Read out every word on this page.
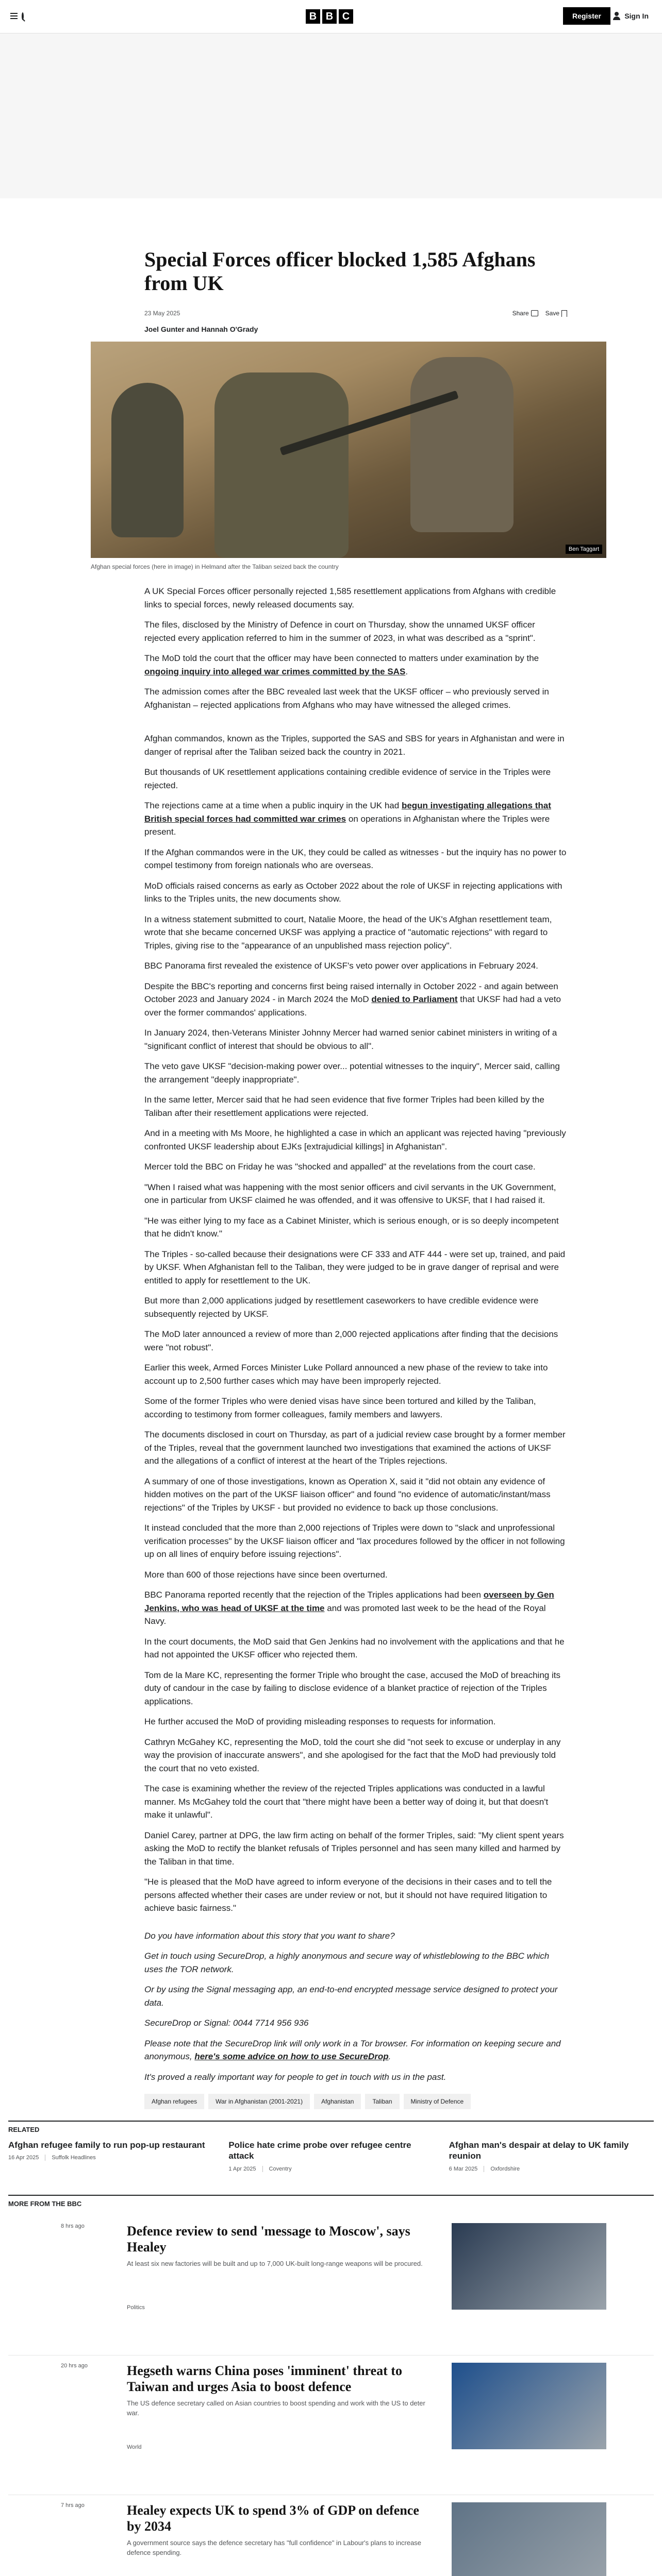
B B C	Register	Sign In
Special Forces officer blocked 1,585 Afghans from UK
23 May 2025	Share	Save
Joel Gunter and Hannah O'Grady
Ben Taggart
Afghan special forces (here in image) in Helmand after the Taliban seized back the country

A UK Special Forces officer personally rejected 1,585 resettlement applications from Afghans with credible links to special forces, newly released documents say.

The files, disclosed by the Ministry of Defence in court on Thursday, show the unnamed UKSF officer rejected every application referred to him in the summer of 2023, in what was described as a "sprint".

The MoD told the court that the officer may have been connected to matters under examination by the ongoing inquiry into alleged war crimes committed by the SAS.

The admission comes after the BBC revealed last week that the UKSF officer – who previously served in Afghanistan – rejected applications from Afghans who may have witnessed the alleged crimes.

Afghan commandos, known as the Triples, supported the SAS and SBS for years in Afghanistan and were in danger of reprisal after the Taliban seized back the country in 2021.

But thousands of UK resettlement applications containing credible evidence of service in the Triples were rejected.

The rejections came at a time when a public inquiry in the UK had begun investigating allegations that British special forces had committed war crimes on operations in Afghanistan where the Triples were present.

If the Afghan commandos were in the UK, they could be called as witnesses - but the inquiry has no power to compel testimony from foreign nationals who are overseas.

MoD officials raised concerns as early as October 2022 about the role of UKSF in rejecting applications with links to the Triples units, the new documents show.

In a witness statement submitted to court, Natalie Moore, the head of the UK's Afghan resettlement team, wrote that she became concerned UKSF was applying a practice of "automatic rejections" with regard to Triples, giving rise to the "appearance of an unpublished mass rejection policy".

BBC Panorama first revealed the existence of UKSF's veto power over applications in February 2024.

Despite the BBC's reporting and concerns first being raised internally in October 2022 - and again between October 2023 and January 2024 - in March 2024 the MoD denied to Parliament that UKSF had had a veto over the former commandos' applications.

In January 2024, then-Veterans Minister Johnny Mercer had warned senior cabinet ministers in writing of a "significant conflict of interest that should be obvious to all".

The veto gave UKSF "decision-making power over... potential witnesses to the inquiry", Mercer said, calling the arrangement "deeply inappropriate".

In the same letter, Mercer said that he had seen evidence that five former Triples had been killed by the Taliban after their resettlement applications were rejected.

And in a meeting with Ms Moore, he highlighted a case in which an applicant was rejected having "previously confronted UKSF leadership about EJKs [extrajudicial killings] in Afghanistan".

Mercer told the BBC on Friday he was "shocked and appalled" at the revelations from the court case.

"When I raised what was happening with the most senior officers and civil servants in the UK Government, one in particular from UKSF claimed he was offended, and it was offensive to UKSF, that I had raised it.

"He was either lying to my face as a Cabinet Minister, which is serious enough, or is so deeply incompetent that he didn't know."

The Triples - so-called because their designations were CF 333 and ATF 444 - were set up, trained, and paid by UKSF. When Afghanistan fell to the Taliban, they were judged to be in grave danger of reprisal and were entitled to apply for resettlement to the UK.

But more than 2,000 applications judged by resettlement caseworkers to have credible evidence were subsequently rejected by UKSF.

The MoD later announced a review of more than 2,000 rejected applications after finding that the decisions were "not robust".

Earlier this week, Armed Forces Minister Luke Pollard announced a new phase of the review to take into account up to 2,500 further cases which may have been improperly rejected.

Some of the former Triples who were denied visas have since been tortured and killed by the Taliban, according to testimony from former colleagues, family members and lawyers.

The documents disclosed in court on Thursday, as part of a judicial review case brought by a former member of the Triples, reveal that the government launched two investigations that examined the actions of UKSF and the allegations of a conflict of interest at the heart of the Triples rejections.

A summary of one of those investigations, known as Operation X, said it "did not obtain any evidence of hidden motives on the part of the UKSF liaison officer" and found "no evidence of automatic/instant/mass rejections" of the Triples by UKSF - but provided no evidence to back up those conclusions.

It instead concluded that the more than 2,000 rejections of Triples were down to "slack and unprofessional verification processes" by the UKSF liaison officer and "lax procedures followed by the officer in not following up on all lines of enquiry before issuing rejections".

More than 600 of those rejections have since been overturned.

BBC Panorama reported recently that the rejection of the Triples applications had been overseen by Gen Jenkins, who was head of UKSF at the time and was promoted last week to be the head of the Royal Navy.

In the court documents, the MoD said that Gen Jenkins had no involvement with the applications and that he had not appointed the UKSF officer who rejected them.

Tom de la Mare KC, representing the former Triple who brought the case, accused the MoD of breaching its duty of candour in the case by failing to disclose evidence of a blanket practice of rejection of the Triples applications.

He further accused the MoD of providing misleading responses to requests for information.

Cathryn McGahey KC, representing the MoD, told the court she did "not seek to excuse or underplay in any way the provision of inaccurate answers", and she apologised for the fact that the MoD had previously told the court that no veto existed.

The case is examining whether the review of the rejected Triples applications was conducted in a lawful manner. Ms McGahey told the court that "there might have been a better way of doing it, but that doesn't make it unlawful".

Daniel Carey, partner at DPG, the law firm acting on behalf of the former Triples, said: "My client spent years asking the MoD to rectify the blanket refusals of Triples personnel and has seen many killed and harmed by the Taliban in that time.

"He is pleased that the MoD have agreed to inform everyone of the decisions in their cases and to tell the persons affected whether their cases are under review or not, but it should not have required litigation to achieve basic fairness."

Do you have information about this story that you want to share?

Get in touch using SecureDrop, a highly anonymous and secure way of whistleblowing to the BBC which uses the TOR network.

Or by using the Signal messaging app, an end-to-end encrypted message service designed to protect your data.

SecureDrop or Signal: 0044 7714 956 936

Please note that the SecureDrop link will only work in a Tor browser. For information on keeping secure and anonymous, here's some advice on how to use SecureDrop.

It's proved a really important way for people to get in touch with us in the past.

Afghan refugees	War in Afghanistan (2001-2021)	Afghanistan	Taliban	Ministry of Defence
RELATED
Afghan refugee family to run pop-up restaurant
16 Apr 2025	Suffolk Headlines
Police hate crime probe over refugee centre attack
1 Apr 2025	Coventry
Afghan man's despair at delay to UK family reunion
6 Mar 2025	Oxfordshire
MORE FROM THE BBC
8 hrs ago	Defence review to send 'message to Moscow', says Healey
At least six new factories will be built and up to 7,000 UK-built long-range weapons will be procured.
Politics
20 hrs ago	Hegseth warns China poses 'imminent' threat to Taiwan and urges Asia to boost defence
The US defence secretary called on Asian countries to boost spending and work with the US to deter war.
World
7 hrs ago	Healey expects UK to spend 3% of GDP on defence by 2034
A government source says the defence secretary has "full confidence" in Labour's plans to increase defence spending.
